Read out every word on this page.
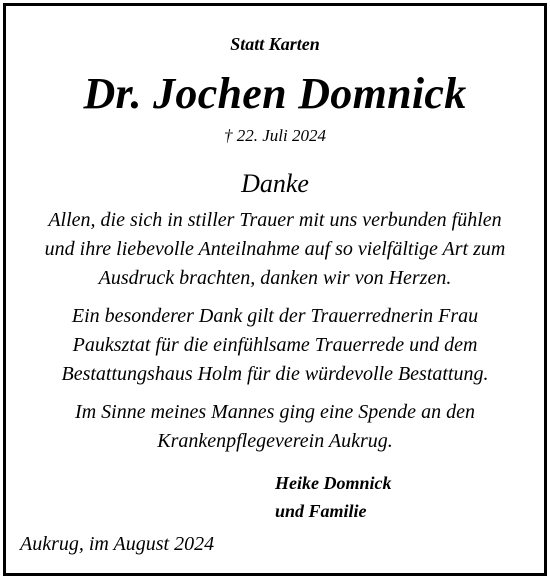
Statt Karten
Dr. Jochen Domnick
† 22. Juli 2024
Danke
Allen, die sich in stiller Trauer mit uns verbunden fühlen
und ihre liebevolle Anteilnahme auf so vielfältige Art zum
Ausdruck brachten, danken wir von Herzen.
Ein besonderer Dank gilt der Trauerrednerin Frau
Pauksztat für die einfühlsame Trauerrede und dem
Bestattungshaus Holm für die würdevolle Bestattung.
Im Sinne meines Mannes ging eine Spende an den
Krankenpflegeverein Aukrug.
Heike Domnick
und Familie
Aukrug, im August 2024
